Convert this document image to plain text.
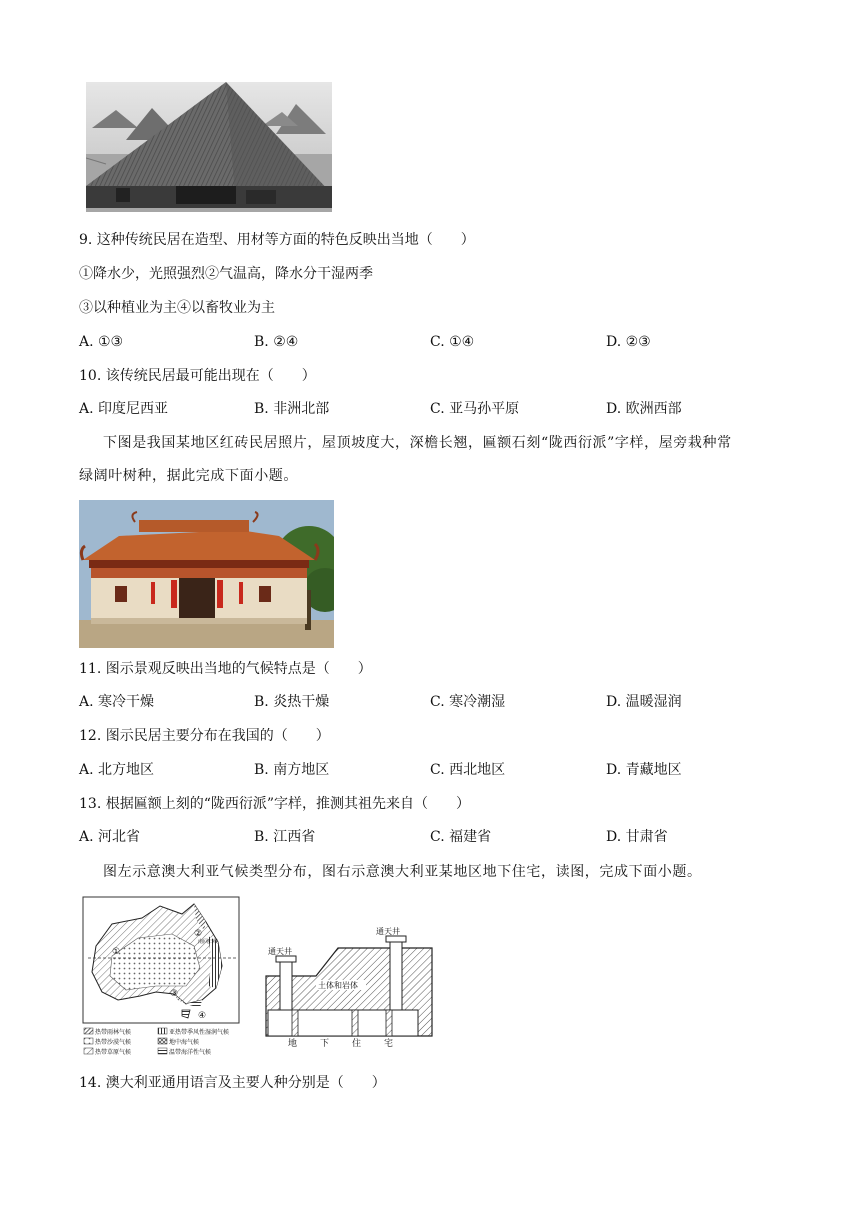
9. 这种传统民居在造型、用材等方面的特色反映出当地（　　）
①降水少，光照强烈②气温高，降水分干湿两季
③以种植业为主④以畜牧业为主
A. ①③	B. ②④	C. ①④	D. ②③
10. 该传统民居最可能出现在（　　）
A. 印度尼西亚	B. 非洲北部	C. 亚马孙平原	D. 欧洲西部
下图是我国某地区红砖民居照片，屋顶坡度大，深檐长翘，匾额石刻“陇西衍派”字样，屋旁栽种常
绿阔叶树种，据此完成下面小题。
11. 图示景观反映出当地的气候特点是（　　）
A. 寒冷干燥	B. 炎热干燥	C. 寒冷潮湿	D. 温暖湿润
12. 图示民居主要分布在我国的（　　）
A. 北方地区	B. 南方地区	C. 西北地区	D. 青藏地区
13. 根据匾额上刻的“陇西衍派”字样，推测其祖先来自（　　）
A. 河北省	B. 江西省	C. 福建省	D. 甘肃省
图左示意澳大利亚气候类型分布，图右示意澳大利亚某地区地下住宅，读图，完成下面小题。
①
②
③
④
南回归线
热带雨林气候	亚热带季风性湿润气候
热带沙漠气候	地中海气候
热带草原气候	温带海洋性气候
通天井
通天井
土体和岩体
地	下	住	宅
14. 澳大利亚通用语言及主要人种分别是（　　）
